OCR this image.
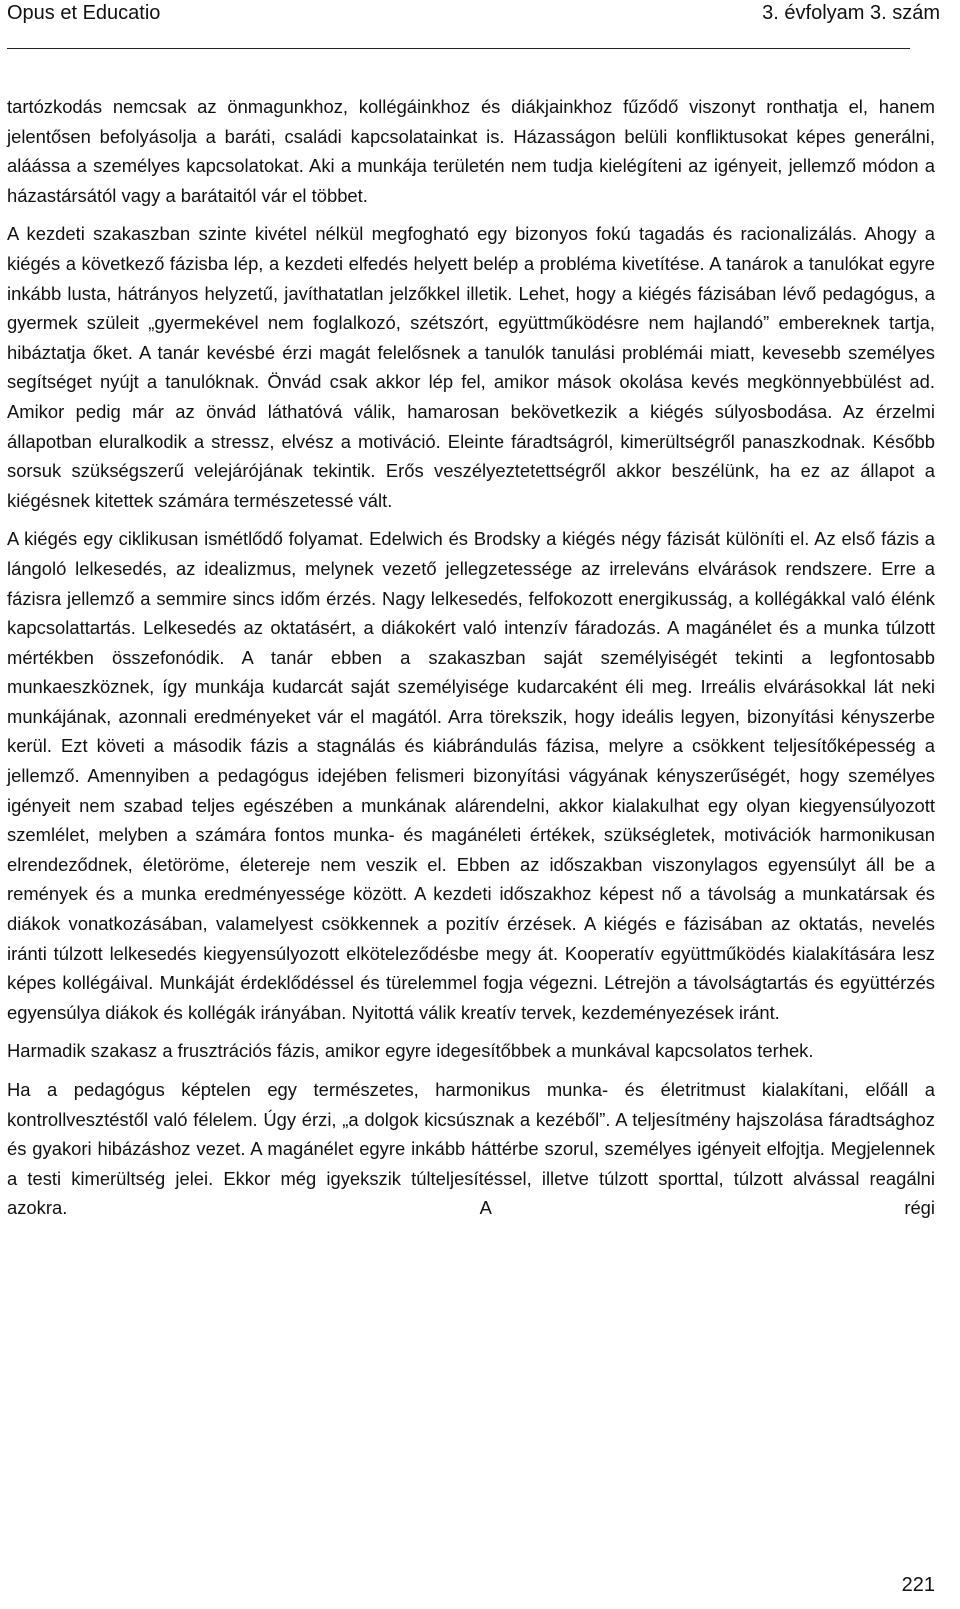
Opus et Educatio	3. évfolyam 3. szám

tartózkodás nemcsak az önmagunkhoz, kollégáinkhoz és diákjainkhoz fűződő viszonyt ronthatja el, hanem jelentősen befolyásolja a baráti, családi kapcsolatainkat is. Házasságon belüli konfliktusokat képes generálni, aláássa a személyes kapcsolatokat. Aki a munkája területén nem tudja kielégíteni az igényeit, jellemző módon a házastársától vagy a barátaitól vár el többet.

A kezdeti szakaszban szinte kivétel nélkül megfogható egy bizonyos fokú tagadás és racionalizálás. Ahogy a kiégés a következő fázisba lép, a kezdeti elfedés helyett belép a probléma kivetítése. A tanárok a tanulókat egyre inkább lusta, hátrányos helyzetű, javíthatatlan jelzőkkel illetik. Lehet, hogy a kiégés fázisában lévő pedagógus, a gyermek szüleit „gyermekével nem foglalkozó, szétszórt, együttműködésre nem hajlandó” embereknek tartja, hibáztatja őket. A tanár kevésbé érzi magát felelősnek a tanulók tanulási problémái miatt, kevesebb személyes segítséget nyújt a tanulóknak. Önvád csak akkor lép fel, amikor mások okolása kevés megkönnyebbülést ad. Amikor pedig már az önvád láthatóvá válik, hamarosan bekövetkezik a kiégés súlyosbodása. Az érzelmi állapotban eluralkodik a stressz, elvész a motiváció. Eleinte fáradtságról, kimerültségről panaszkodnak. Később sorsuk szükségszerű velejárójának tekintik. Erős veszélyeztetettségről akkor beszélünk, ha ez az állapot a kiégésnek kitettek számára természetessé vált.

A kiégés egy ciklikusan ismétlődő folyamat. Edelwich és Brodsky a kiégés négy fázisát különíti el. Az első fázis a lángoló lelkesedés, az idealizmus, melynek vezető jellegzetessége az irreleváns elvárások rendszere. Erre a fázisra jellemző a semmire sincs időm érzés. Nagy lelkesedés, felfokozott energikusság, a kollégákkal való élénk kapcsolattartás. Lelkesedés az oktatásért, a diákokért való intenzív fáradozás. A magánélet és a munka túlzott mértékben összefonódik. A tanár ebben a szakaszban saját személyiségét tekinti a legfontosabb munkaeszköznek, így munkája kudarcát saját személyisége kudarcaként éli meg. Irreális elvárásokkal lát neki munkájának, azonnali eredményeket vár el magától. Arra törekszik, hogy ideális legyen, bizonyítási kényszerbe kerül. Ezt követi a második fázis a stagnálás és kiábrándulás fázisa, melyre a csökkent teljesítőképesség a jellemző. Amennyiben a pedagógus idejében felismeri bizonyítási vágyának kényszerűségét, hogy személyes igényeit nem szabad teljes egészében a munkának alárendelni, akkor kialakulhat egy olyan kiegyensúlyozott szemlélet, melyben a számára fontos munka- és magánéleti értékek, szükségletek, motivációk harmonikusan elrendeződnek, életöröme, életereje nem veszik el. Ebben az időszakban viszonylagos egyensúlyt áll be a remények és a munka eredményessége között. A kezdeti időszakhoz képest nő a távolság a munkatársak és diákok vonatkozásában, valamelyest csökkennek a pozitív érzések. A kiégés e fázisában az oktatás, nevelés iránti túlzott lelkesedés kiegyensúlyozott elköteleződésbe megy át. Kooperatív együttműködés kialakítására lesz képes kollégáival. Munkáját érdeklődéssel és türelemmel fogja végezni. Létrejön a távolságtartás és együttérzés egyensúlya diákok és kollégák irányában. Nyitottá válik kreatív tervek, kezdeményezések iránt.

Harmadik szakasz a frusztrációs fázis, amikor egyre idegesítőbbek a munkával kapcsolatos terhek.

Ha a pedagógus képtelen egy természetes, harmonikus munka- és életritmust kialakítani, előáll a kontrollvesztéstől való félelem. Úgy érzi, „a dolgok kicsúsznak a kezéből”. A teljesítmény hajszolása fáradtsághoz és gyakori hibázáshoz vezet. A magánélet egyre inkább háttérbe szorul, személyes igényeit elfojtja. Megjelennek a testi kimerültség jelei. Ekkor még igyekszik túlteljesítéssel, illetve túlzott sporttal, túlzott alvással reagálni azokra. A régi

221
